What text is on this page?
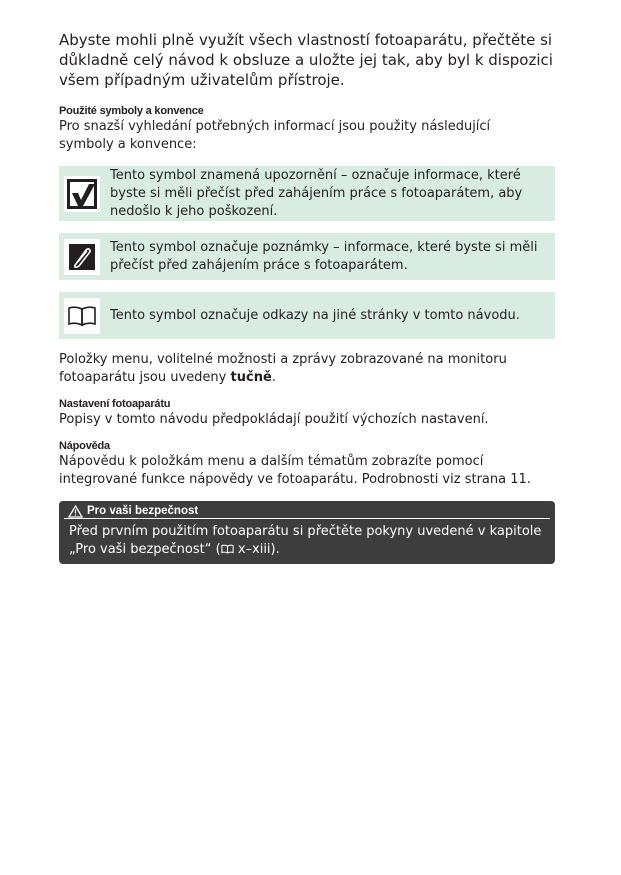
Abyste mohli plně využít všech vlastností fotoaparátu, přečtěte si důkladně celý návod k obsluze a uložte jej tak, aby byl k dispozici všem případným uživatelům přístroje.

Použité symboly a konvence

Pro snazší vyhledání potřebných informací jsou použity následující symboly a konvence:

Tento symbol znamená upozornění – označuje informace, které byste si měli přečíst před zahájením práce s fotoaparátem, aby nedošlo k jeho poškození.
Tento symbol označuje poznámky – informace, které byste si měli přečíst před zahájením práce s fotoaparátem.
Tento symbol označuje odkazy na jiné stránky v tomto návodu.

Položky menu, volitelné možnosti a zprávy zobrazované na monitoru fotoaparátu jsou uvedeny tučně.

Nastavení fotoaparátu

Popisy v tomto návodu předpokládají použití výchozích nastavení.

Nápověda

Nápovědu k položkám menu a dalším tématům zobrazíte pomocí integrované funkce nápovědy ve fotoaparátu. Podrobnosti viz strana 11.

Pro vaši bezpečnost
Před prvním použitím fotoaparátu si přečtěte pokyny uvedené v kapitole „Pro vaši bezpečnost“ ( x–xiii).
